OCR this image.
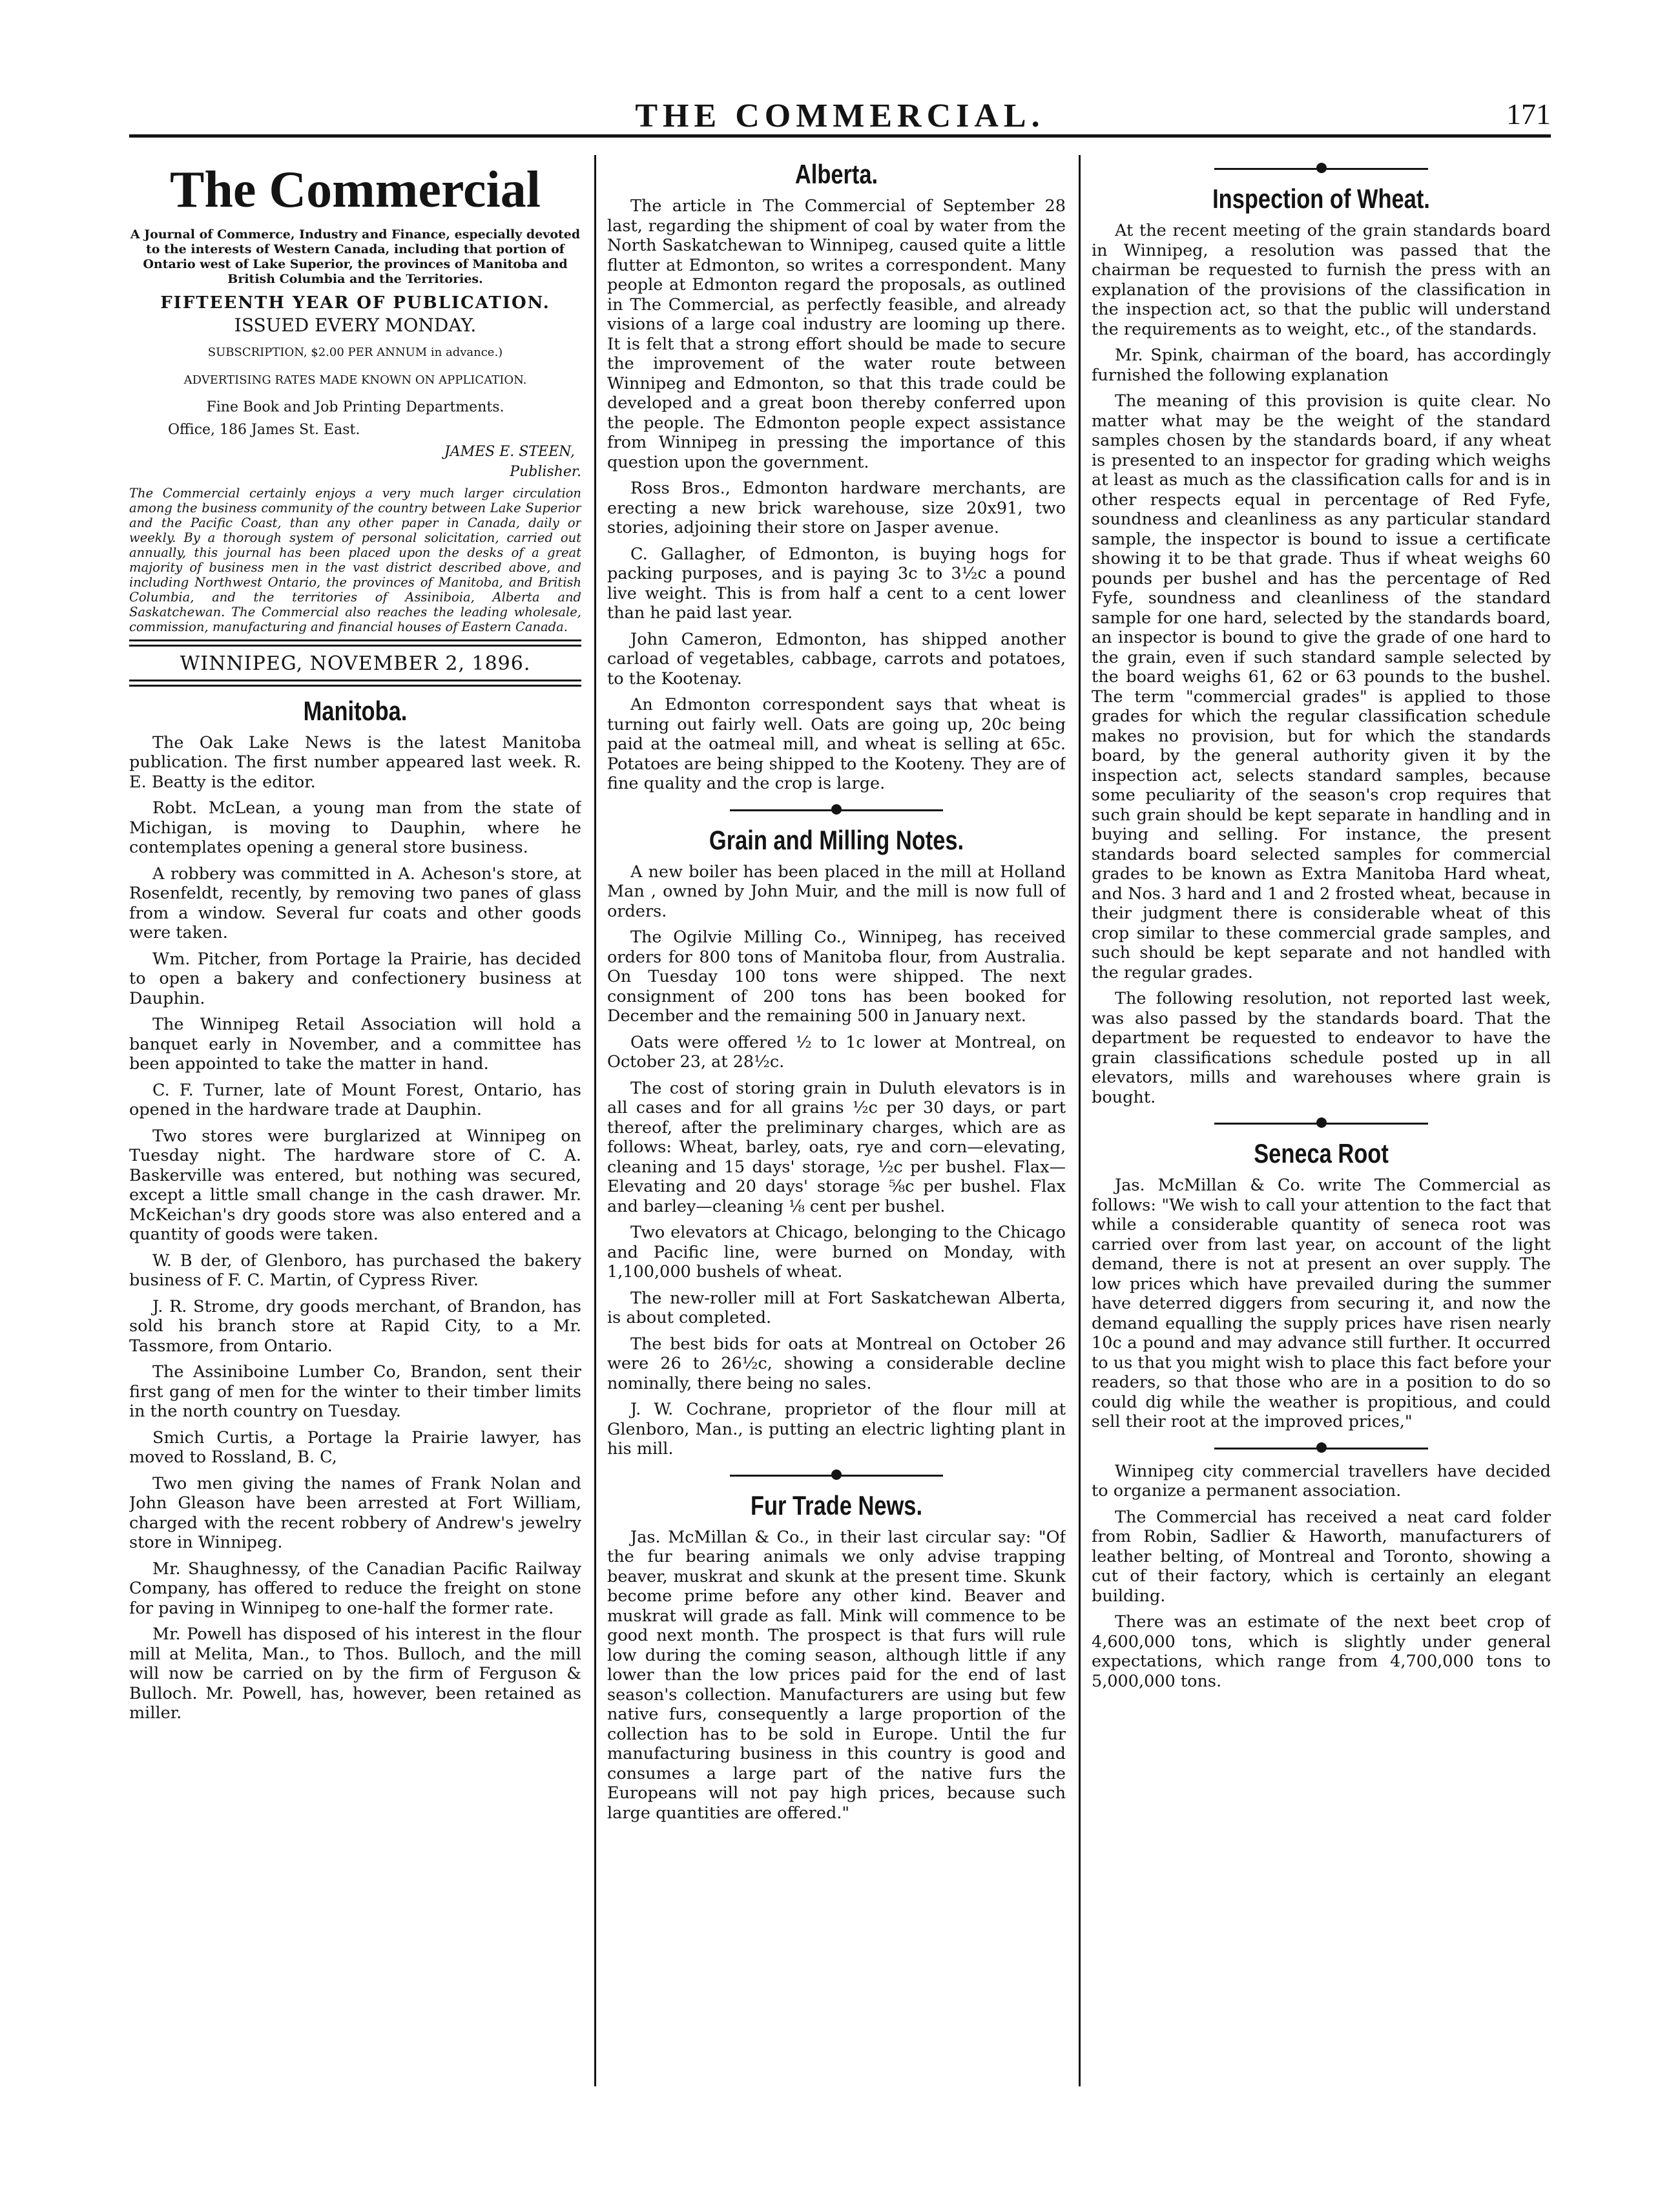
THE COMMERCIAL.	171
The Commercial
A Journal of Commerce, Industry and Finance, especially devoted to the interests of Western Canada, including that portion of Ontario west of Lake Superior, the provinces of Manitoba and British Columbia and the Territories.
FIFTEENTH YEAR OF PUBLICATION.
ISSUED EVERY MONDAY.
SUBSCRIPTION, $2.00 PER ANNUM in advance.)
ADVERTISING RATES MADE KNOWN ON APPLICATION.
Fine Book and Job Printing Departments.
Office, 186 James St. East.
JAMES E. STEEN,
Publisher.
The Commercial certainly enjoys a very much larger circulation among the business community of the country between Lake Superior and the Pacific Coast, than any other paper in Canada, daily or weekly. By a thorough system of personal solicitation, carried out annually, this journal has been placed upon the desks of a great majority of business men in the vast district described above, and including Northwest Ontario, the provinces of Manitoba, and British Columbia, and the territories of Assiniboia, Alberta and Saskatchewan. The Commercial also reaches the leading wholesale, commission, manufacturing and financial houses of Eastern Canada.
WINNIPEG, NOVEMBER 2, 1896.
Manitoba.

The Oak Lake News is the latest Manitoba publication. The first number appeared last week. R. E. Beatty is the editor.

Robt. McLean, a young man from the state of Michigan, is moving to Dauphin, where he contemplates opening a general store business.

A robbery was committed in A. Acheson's store, at Rosenfeldt, recently, by removing two panes of glass from a window. Several fur coats and other goods were taken.

Wm. Pitcher, from Portage la Prairie, has decided to open a bakery and confectionery business at Dauphin.

The Winnipeg Retail Association will hold a banquet early in November, and a committee has been appointed to take the matter in hand.

C. F. Turner, late of Mount Forest, Ontario, has opened in the hardware trade at Dauphin.

Two stores were burglarized at Winnipeg on Tuesday night. The hardware store of C. A. Baskerville was entered, but nothing was secured, except a little small change in the cash drawer. Mr. McKeichan's dry goods store was also entered and a quantity of goods were taken.

W. B der, of Glenboro, has purchased the bakery business of F. C. Martin, of Cypress River.

J. R. Strome, dry goods merchant, of Brandon, has sold his branch store at Rapid City, to a Mr. Tassmore, from Ontario.

The Assiniboine Lumber Co, Brandon, sent their first gang of men for the winter to their timber limits in the north country on Tuesday.

Smich Curtis, a Portage la Prairie lawyer, has moved to Rossland, B. C,

Two men giving the names of Frank Nolan and John Gleason have been arrested at Fort William, charged with the recent robbery of Andrew's jewelry store in Winnipeg.

Mr. Shaughnessy, of the Canadian Pacific Railway Company, has offered to reduce the freight on stone for paving in Winnipeg to one-half the former rate.

Mr. Powell has disposed of his interest in the flour mill at Melita, Man., to Thos. Bulloch, and the mill will now be carried on by the firm of Ferguson & Bulloch. Mr. Powell, has, however, been retained as miller.

Alberta.

The article in The Commercial of September 28 last, regarding the shipment of coal by water from the North Saskatchewan to Winnipeg, caused quite a little flutter at Edmonton, so writes a correspondent. Many people at Edmonton regard the proposals, as outlined in The Commercial, as perfectly feasible, and already visions of a large coal industry are looming up there. It is felt that a strong effort should be made to secure the improvement of the water route between Winnipeg and Edmonton, so that this trade could be developed and a great boon thereby conferred upon the people. The Edmonton people expect assistance from Winnipeg in pressing the importance of this question upon the government.

Ross Bros., Edmonton hardware merchants, are erecting a new brick warehouse, size 20x91, two stories, adjoining their store on Jasper avenue.

C. Gallagher, of Edmonton, is buying hogs for packing purposes, and is paying 3c to 3½c a pound live weight. This is from half a cent to a cent lower than he paid last year.

John Cameron, Edmonton, has shipped another carload of vegetables, cabbage, carrots and potatoes, to the Kootenay.

An Edmonton correspondent says that wheat is turning out fairly well. Oats are going up, 20c being paid at the oatmeal mill, and wheat is selling at 65c. Potatoes are being shipped to the Kooteny. They are of fine quality and the crop is large.

Grain and Milling Notes.

A new boiler has been placed in the mill at Holland Man , owned by John Muir, and the mill is now full of orders.

The Ogilvie Milling Co., Winnipeg, has received orders for 800 tons of Manitoba flour, from Australia. On Tuesday 100 tons were shipped. The next consignment of 200 tons has been booked for December and the remaining 500 in January next.

Oats were offered ½ to 1c lower at Montreal, on October 23, at 28½c.

The cost of storing grain in Duluth elevators is in all cases and for all grains ½c per 30 days, or part thereof, after the preliminary charges, which are as follows: Wheat, barley, oats, rye and corn—elevating, cleaning and 15 days' storage, ½c per bushel. Flax—Elevating and 20 days' storage ⅝c per bushel. Flax and barley—cleaning ⅛ cent per bushel.

Two elevators at Chicago, belonging to the Chicago and Pacific line, were burned on Monday, with 1,100,000 bushels of wheat.

The new-roller mill at Fort Saskatchewan Alberta, is about completed.

The best bids for oats at Montreal on October 26 were 26 to 26½c, showing a considerable decline nominally, there being no sales.

J. W. Cochrane, proprietor of the flour mill at Glenboro, Man., is putting an electric lighting plant in his mill.

Fur Trade News.

Jas. McMillan & Co., in their last circular say: "Of the fur bearing animals we only advise trapping beaver, muskrat and skunk at the present time. Skunk become prime before any other kind. Beaver and muskrat will grade as fall. Mink will commence to be good next month. The prospect is that furs will rule low during the coming season, although little if any lower than the low prices paid for the end of last season's collection. Manufacturers are using but few native furs, consequently a large proportion of the collection has to be sold in Europe. Until the fur manufacturing business in this country is good and consumes a large part of the native furs the Europeans will not pay high prices, because such large quantities are offered."

Inspection of Wheat.

At the recent meeting of the grain standards board in Winnipeg, a resolution was passed that the chairman be requested to furnish the press with an explanation of the provisions of the classification in the inspection act, so that the public will understand the requirements as to weight, etc., of the standards.

Mr. Spink, chairman of the board, has accordingly furnished the following explanation

The meaning of this provision is quite clear. No matter what may be the weight of the standard samples chosen by the standards board, if any wheat is presented to an inspector for grading which weighs at least as much as the classification calls for and is in other respects equal in percentage of Red Fyfe, soundness and cleanliness as any particular standard sample, the inspector is bound to issue a certificate showing it to be that grade. Thus if wheat weighs 60 pounds per bushel and has the percentage of Red Fyfe, soundness and cleanliness of the standard sample for one hard, selected by the standards board, an inspector is bound to give the grade of one hard to the grain, even if such standard sample selected by the board weighs 61, 62 or 63 pounds to the bushel. The term "commercial grades" is applied to those grades for which the regular classification schedule makes no provision, but for which the standards board, by the general authority given it by the inspection act, selects standard samples, because some peculiarity of the season's crop requires that such grain should be kept separate in handling and in buying and selling. For instance, the present standards board selected samples for commercial grades to be known as Extra Manitoba Hard wheat, and Nos. 3 hard and 1 and 2 frosted wheat, because in their judgment there is considerable wheat of this crop similar to these commercial grade samples, and such should be kept separate and not handled with the regular grades.

The following resolution, not reported last week, was also passed by the standards board. That the department be requested to endeavor to have the grain classifications schedule posted up in all elevators, mills and warehouses where grain is bought.

Seneca Root

Jas. McMillan & Co. write The Commercial as follows: "We wish to call your attention to the fact that while a considerable quantity of seneca root was carried over from last year, on account of the light demand, there is not at present an over supply. The low prices which have prevailed during the summer have deterred diggers from securing it, and now the demand equalling the supply prices have risen nearly 10c a pound and may advance still further. It occurred to us that you might wish to place this fact before your readers, so that those who are in a position to do so could dig while the weather is propitious, and could sell their root at the improved prices,"

Winnipeg city commercial travellers have decided to organize a permanent association.

The Commercial has received a neat card folder from Robin, Sadlier & Haworth, manufacturers of leather belting, of Montreal and Toronto, showing a cut of their factory, which is certainly an elegant building.

There was an estimate of the next beet crop of 4,600,000 tons, which is slightly under general expectations, which range from 4,700,000 tons to 5,000,000 tons.
